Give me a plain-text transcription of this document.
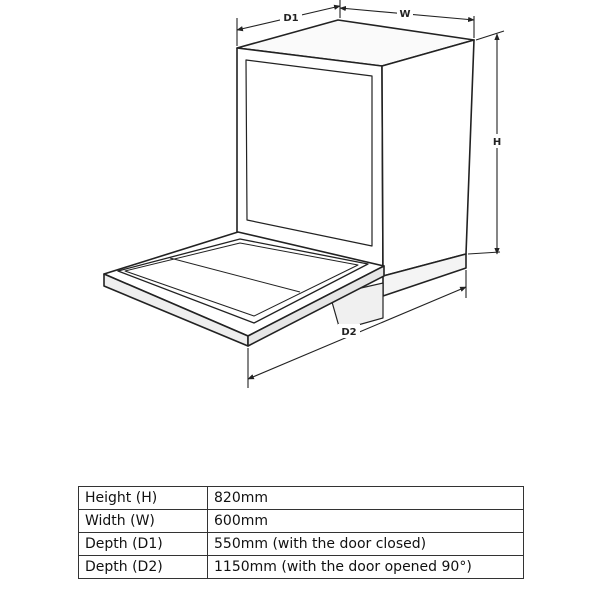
D1	W
H
D2
Height (H)	820mm
Width (W)	600mm
Depth (D1)	550mm (with the door closed)
Depth (D2)	1150mm (with the door opened 90°)
